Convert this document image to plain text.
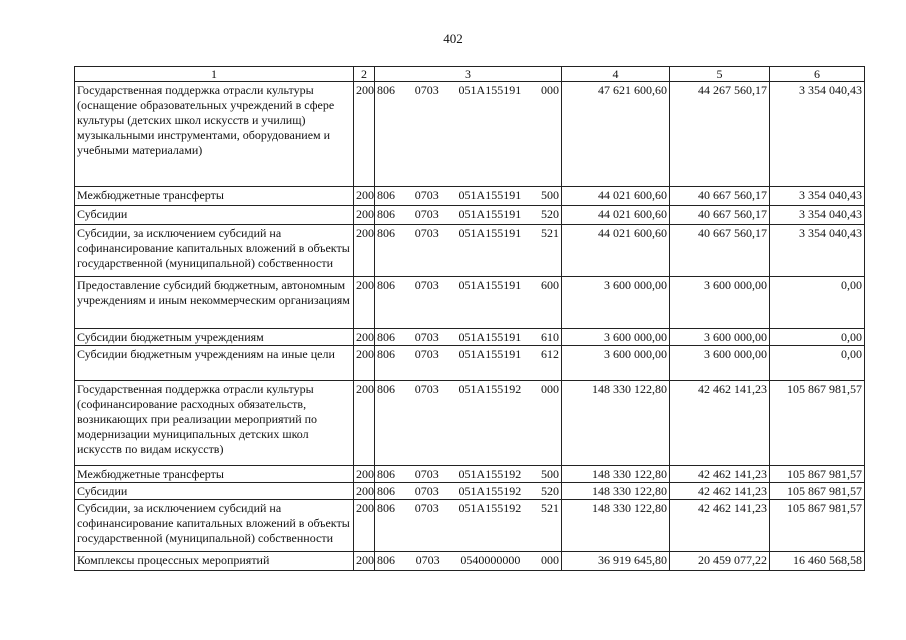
402
1	2	3	4	5	6
Государственная поддержка отрасли культуры (оснащение образовательных учреждений в сфере культуры (детских школ искусств и училищ) музыкальными инструментами, оборудованием и учебными материалами)	200	806 0703 051A155191 000	47 621 600,60	44 267 560,17	3 354 040,43
Межбюджетные трансферты	200	806 0703 051A155191 500	44 021 600,60	40 667 560,17	3 354 040,43
Субсидии	200	806 0703 051A155191 520	44 021 600,60	40 667 560,17	3 354 040,43
Субсидии, за исключением субсидий на софинансирование капитальных вложений в объекты государственной (муниципальной) собственности	200	806 0703 051A155191 521	44 021 600,60	40 667 560,17	3 354 040,43
Предоставление субсидий бюджетным, автономным учреждениям и иным некоммерческим организациям	200	806 0703 051A155191 600	3 600 000,00	3 600 000,00	0,00
Субсидии бюджетным учреждениям	200	806 0703 051A155191 610	3 600 000,00	3 600 000,00	0,00
Субсидии бюджетным учреждениям на иные цели	200	806 0703 051A155191 612	3 600 000,00	3 600 000,00	0,00
Государственная поддержка отрасли культуры (софинансирование расходных обязательств, возникающих при реализации мероприятий по модернизации муниципальных детских школ искусств по видам искусств)	200	806 0703 051A155192 000	148 330 122,80	42 462 141,23	105 867 981,57
Межбюджетные трансферты	200	806 0703 051A155192 500	148 330 122,80	42 462 141,23	105 867 981,57
Субсидии	200	806 0703 051A155192 520	148 330 122,80	42 462 141,23	105 867 981,57
Субсидии, за исключением субсидий на софинансирование капитальных вложений в объекты государственной (муниципальной) собственности	200	806 0703 051A155192 521	148 330 122,80	42 462 141,23	105 867 981,57
Комплексы процессных мероприятий	200	806 0703 0540000000 000	36 919 645,80	20 459 077,22	16 460 568,58
